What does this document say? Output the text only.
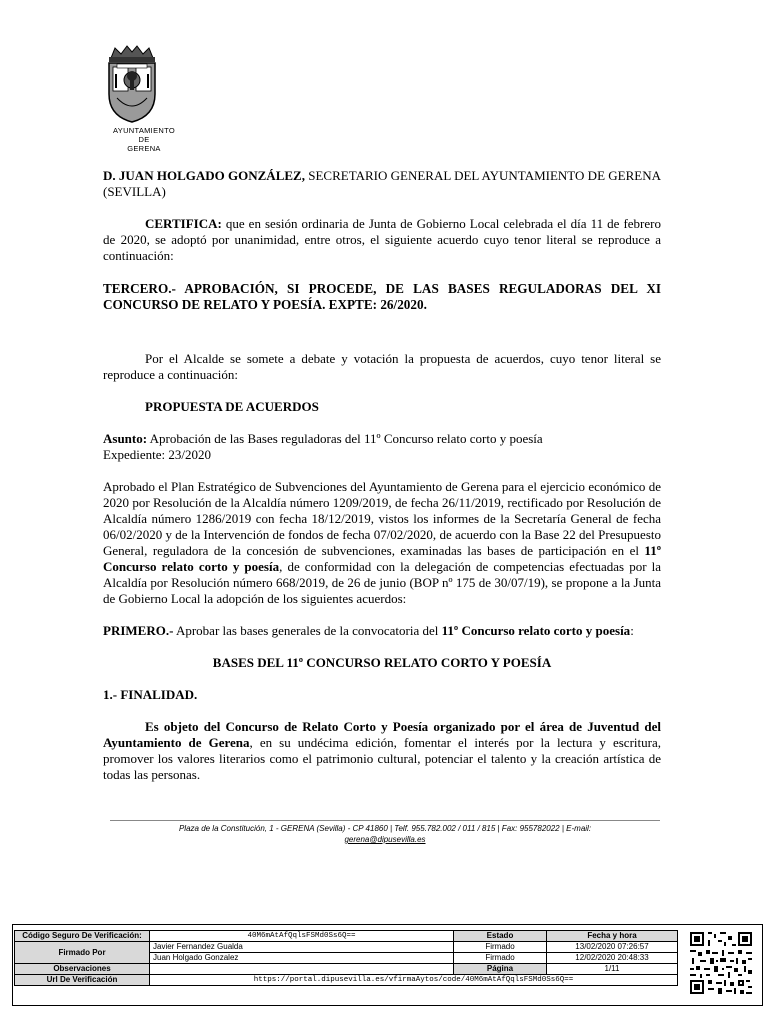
AYUNTAMIENTO
DE
GERENA

D. JUAN HOLGADO GONZÁLEZ, SECRETARIO GENERAL DEL AYUNTAMIENTO DE GERENA (SEVILLA)

CERTIFICA: que en sesión ordinaria de Junta de Gobierno Local celebrada el día 11 de febrero de 2020, se adoptó por unanimidad, entre otros, el siguiente acuerdo cuyo tenor literal se reproduce a continuación:

TERCERO.- APROBACIÓN, SI PROCEDE, DE LAS BASES REGULADORAS DEL XI CONCURSO DE RELATO Y POESÍA. EXPTE: 26/2020.

Por el Alcalde se somete a debate y votación la propuesta de acuerdos, cuyo tenor literal se reproduce a continuación:

PROPUESTA DE ACUERDOS

Asunto: Aprobación de las Bases reguladoras del 11º Concurso relato corto y poesía

Expediente: 23/2020

Aprobado el Plan Estratégico de Subvenciones del Ayuntamiento de Gerena para el ejercicio económico de 2020 por Resolución de la Alcaldía número 1209/2019, de fecha 26/11/2019, rectificado por Resolución de Alcaldía número 1286/2019 con fecha 18/12/2019, vistos los informes de la Secretaría General de fecha 06/02/2020 y de la Intervención de fondos de fecha 07/02/2020, de acuerdo con la Base 22 del Presupuesto General, reguladora de la concesión de subvenciones, examinadas las bases de participación en el 11º Concurso relato corto y poesía, de conformidad con la delegación de competencias efectuadas por la Alcaldía por Resolución número 668/2019, de 26 de junio (BOP nº 175 de 30/07/19), se propone a la Junta de Gobierno Local la adopción de los siguientes acuerdos:

PRIMERO.- Aprobar las bases generales de la convocatoria del 11º Concurso relato corto y poesía:

BASES DEL 11º CONCURSO RELATO CORTO Y POESÍA

1.- FINALIDAD.

Es objeto del Concurso de Relato Corto y Poesía organizado por el área de Juventud del Ayuntamiento de Gerena, en su undécima edición, fomentar el interés por la lectura y escritura, promover los valores literarios como el patrimonio cultural, potenciar el talento y la creación artística de todas las personas.

Plaza de la Constitución, 1 - GERENA (Sevilla) - CP 41860 | Telf. 955.782.002 / 011 / 815 | Fax: 955782022 | E-mail:
gerena@dipusevilla.es
Código Seguro De Verificación:	40M6mAtAfQqlsFSMd0Ss6Q==	Estado	Fecha y hora
Firmado Por	Javier Fernandez Gualda	Firmado	13/02/2020 07:26:57
	Juan Holgado Gonzalez	Firmado	12/02/2020 20:48:33
Observaciones		Página	1/11
Url De Verificación	https://portal.dipusevilla.es/vfirmaAytos/code/40M6mAtAfQqlsFSMd0Ss6Q==		
